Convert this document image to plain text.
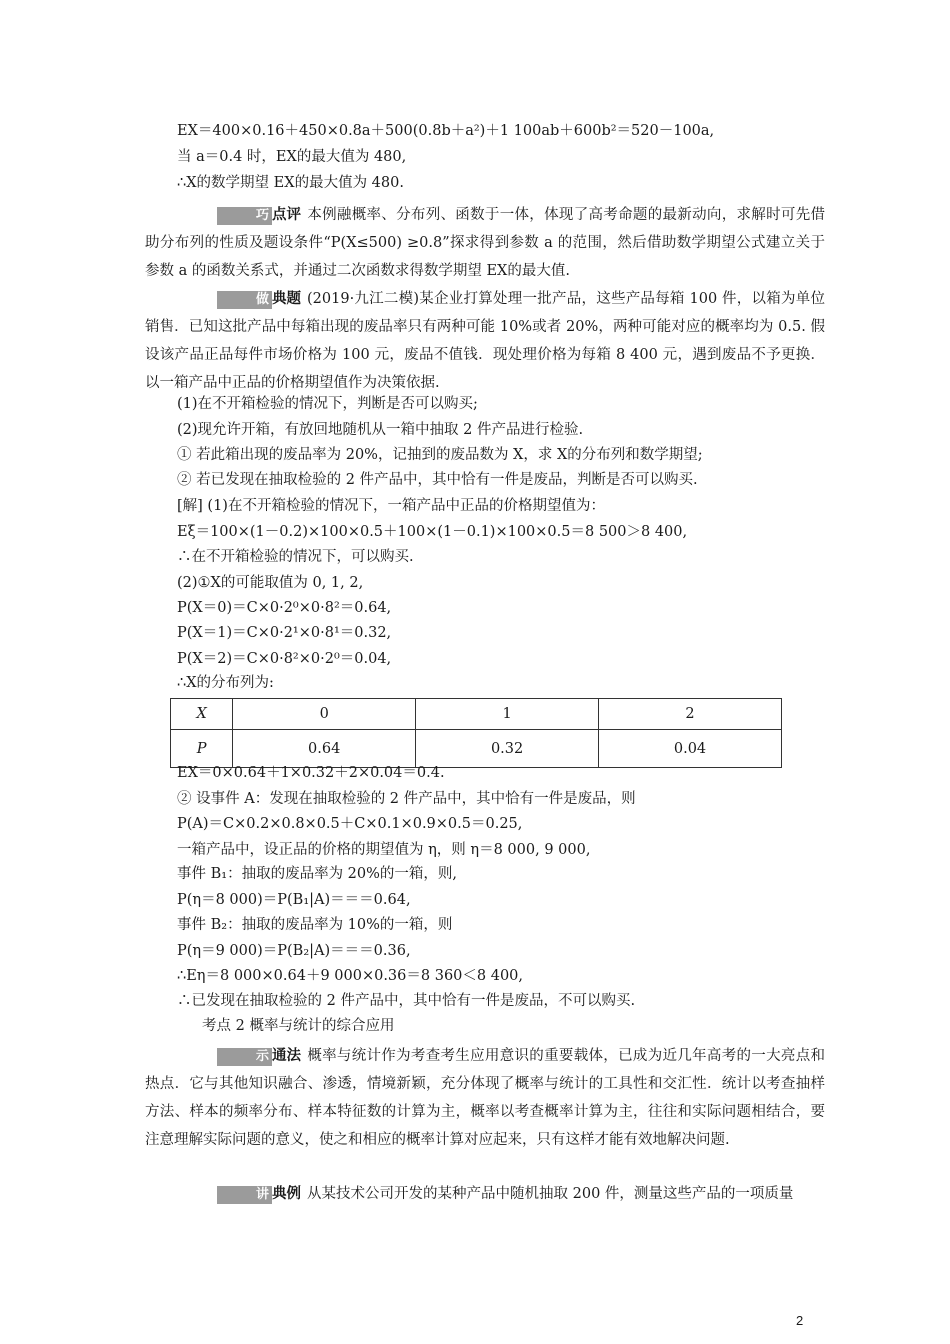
EX＝400×0.16＋450×0.8a＋500(0.8b＋a²)＋1 100ab＋600b²＝520－100a,
当 a＝0.4 时，EX的最大值为 480,
∴X的数学期望 EX的最大值为 480.
巧 点评 本例融概率、分布列、函数于一体，体现了高考命题的最新动向，求解时可先借助分布列的性质及题设条件“P(X≤500) ≥0.8”探求得到参数 a 的范围，然后借助数学期望公式建立关于参数 a 的函数关系式，并通过二次函数求得数学期望 EX的最大值.
做 典题 (2019·九江二模)某企业打算处理一批产品，这些产品每箱 100 件，以箱为单位销售．已知这批产品中每箱出现的废品率只有两种可能 10%或者 20%，两种可能对应的概率均为 0.5. 假设该产品正品每件市场价格为 100 元，废品不值钱．现处理价格为每箱 8 400 元，遇到废品不予更换．以一箱产品中正品的价格期望值作为决策依据.
(1)在不开箱检验的情况下，判断是否可以购买;
(2)现允许开箱，有放回地随机从一箱中抽取 2 件产品进行检验.
① 若此箱出现的废品率为 20%，记抽到的废品数为 X，求 X的分布列和数学期望;
② 若已发现在抽取检验的 2 件产品中，其中恰有一件是废品，判断是否可以购买.
[解] (1)在不开箱检验的情况下，一箱产品中正品的价格期望值为：
Eξ＝100×(1－0.2)×100×0.5＋100×(1－0.1)×100×0.5＝8 500＞8 400,
∴在不开箱检验的情况下，可以购买.
(2)①X的可能取值为 0, 1, 2,
P(X＝0)＝C×0·2⁰×0·8²＝0.64,
P(X＝1)＝C×0·2¹×0·8¹＝0.32,
P(X＝2)＝C×0·8²×0·2⁰＝0.04,
∴X的分布列为:
X	0	1	2
P	0.64	0.32	0.04
EX＝0×0.64＋1×0.32＋2×0.04＝0.4.
② 设事件 A：发现在抽取检验的 2 件产品中，其中恰有一件是废品，则
P(A)＝C×0.2×0.8×0.5＋C×0.1×0.9×0.5＝0.25,
一箱产品中，设正品的价格的期望值为 η，则 η＝8 000, 9 000,
事件 B₁：抽取的废品率为 20%的一箱，则,
P(η＝8 000)＝P(B₁|A)＝＝＝0.64,
事件 B₂：抽取的废品率为 10%的一箱，则
P(η＝9 000)＝P(B₂|A)＝＝＝0.36,
∴Eη＝8 000×0.64＋9 000×0.36＝8 360＜8 400,
∴已发现在抽取检验的 2 件产品中，其中恰有一件是废品，不可以购买.
考点 2 概率与统计的综合应用
示 通法 概率与统计作为考查考生应用意识的重要载体，已成为近几年高考的一大亮点和热点．它与其他知识融合、渗透，情境新颖，充分体现了概率与统计的工具性和交汇性．统计以考查抽样方法、样本的频率分布、样本特征数的计算为主，概率以考查概率计算为主，往往和实际问题相结合，要注意理解实际问题的意义，使之和相应的概率计算对应起来，只有这样才能有效地解决问题.
讲 典例 从某技术公司开发的某种产品中随机抽取 200 件，测量这些产品的一项质量
2
